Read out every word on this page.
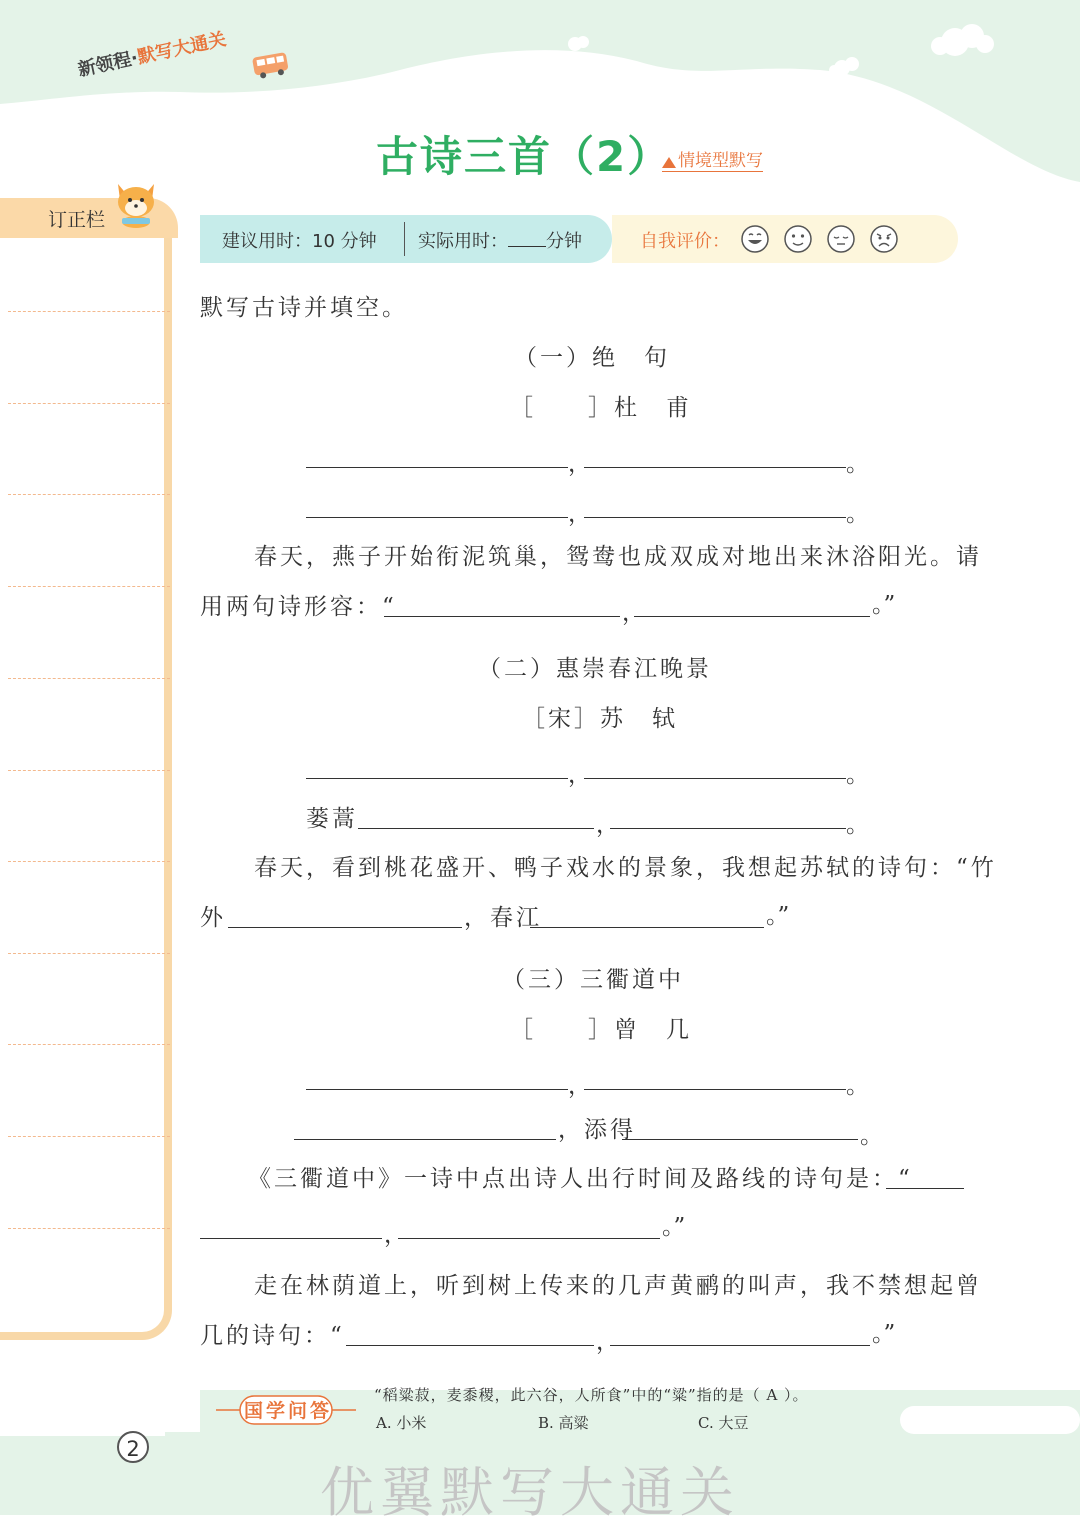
新领程·默写大通关
古诗三首（2） 情境型默写
订正栏
建议用时：10 分钟 实际用时： 分钟	自我评价：
默写古诗并填空。
（一）绝　句
［　　］杜　甫
，	。
，	。
春天，燕子开始衔泥筑巢，鸳鸯也成双成对地出来沐浴阳光。请
用两句诗形容：“	，	。”
（二）惠崇春江晚景
［宋］苏　轼
，	。
蒌蒿	，	。
春天，看到桃花盛开、鸭子戏水的景象，我想起苏轼的诗句：“竹
外	，春江	。”
（三）三衢道中
［　　］曾　几
，	。
，添得	。
《三衢道中》一诗中点出诗人出行时间及路线的诗句是：“
，	。”
走在林荫道上，听到树上传来的几声黄鹂的叫声，我不禁想起曾
几的诗句：“	，	。”
国学问答
“稻粱菽，麦黍稷，此六谷，人所食”中的“粱”指的是（ A ）。
A. 小米	B. 高粱	C. 大豆
2
优翼默写大通关
